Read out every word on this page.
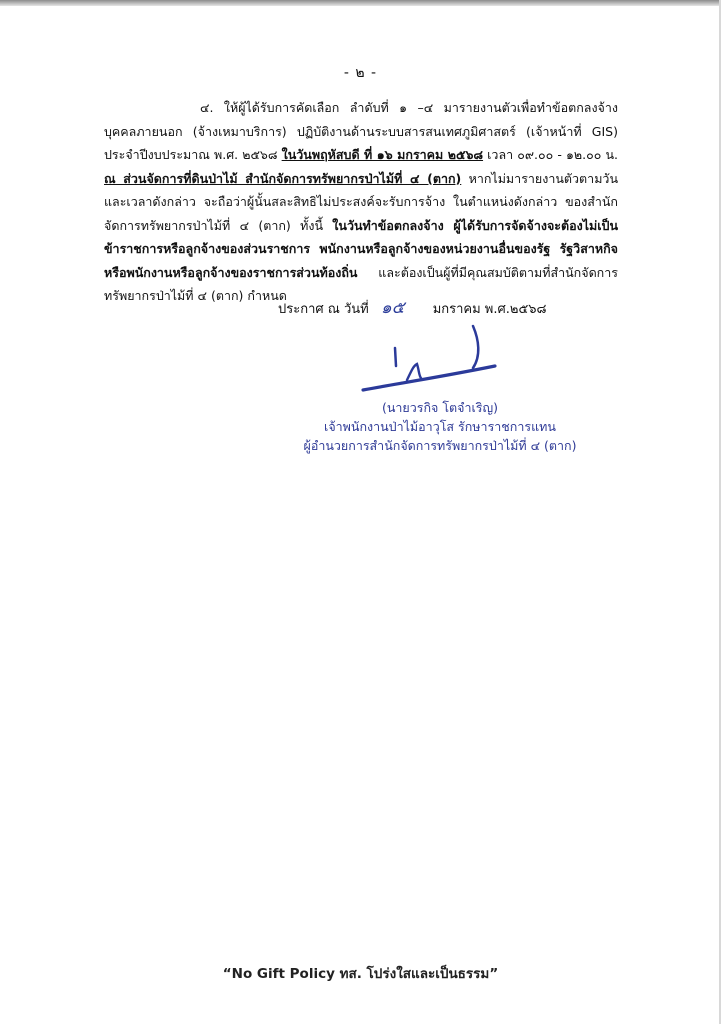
- ๒ -

๔. ให้ผู้ได้รับการคัดเลือก ลำดับที่ ๑ –๔ มารายงานตัวเพื่อทำข้อตกลงจ้างบุคคลภายนอก (จ้างเหมาบริการ) ปฏิบัติงานด้านระบบสารสนเทศภูมิศาสตร์ (เจ้าหน้าที่ GIS) ประจำปีงบประมาณ พ.ศ. ๒๕๖๘ ในวันพฤหัสบดี ที่ ๑๖ มกราคม ๒๕๖๘ เวลา ๐๙.๐๐ - ๑๒.๐๐ น. ณ ส่วนจัดการที่ดินป่าไม้ สำนักจัดการทรัพยากรป่าไม้ที่ ๔ (ตาก) หากไม่มารายงานตัวตามวันและเวลาดังกล่าว จะถือว่าผู้นั้นสละสิทธิไม่ประสงค์จะรับการจ้าง ในตำแหน่งดังกล่าว ของสำนักจัดการทรัพยากรป่าไม้ที่ ๔ (ตาก) ทั้งนี้ ในวันทำข้อตกลงจ้าง ผู้ได้รับการจัดจ้างจะต้องไม่เป็นข้าราชการหรือลูกจ้างของส่วนราชการ พนักงานหรือลูกจ้างของหน่วยงานอื่นของรัฐ รัฐวิสาหกิจ หรือพนักงานหรือลูกจ้างของราชการส่วนท้องถิ่น และต้องเป็นผู้ที่มีคุณสมบัติตามที่สำนักจัดการทรัพยากรป่าไม้ที่ ๔ (ตาก) กำหนด

ประกาศ ณ วันที่ ๑๕ มกราคม พ.ศ.๒๕๖๘
(นายวรกิจ โตจำเริญ)
เจ้าพนักงานป่าไม้อาวุโส รักษาราชการแทน
ผู้อำนวยการสำนักจัดการทรัพยากรป่าไม้ที่ ๔ (ตาก)
“No Gift Policy ทส. โปร่งใสและเป็นธรรม”
